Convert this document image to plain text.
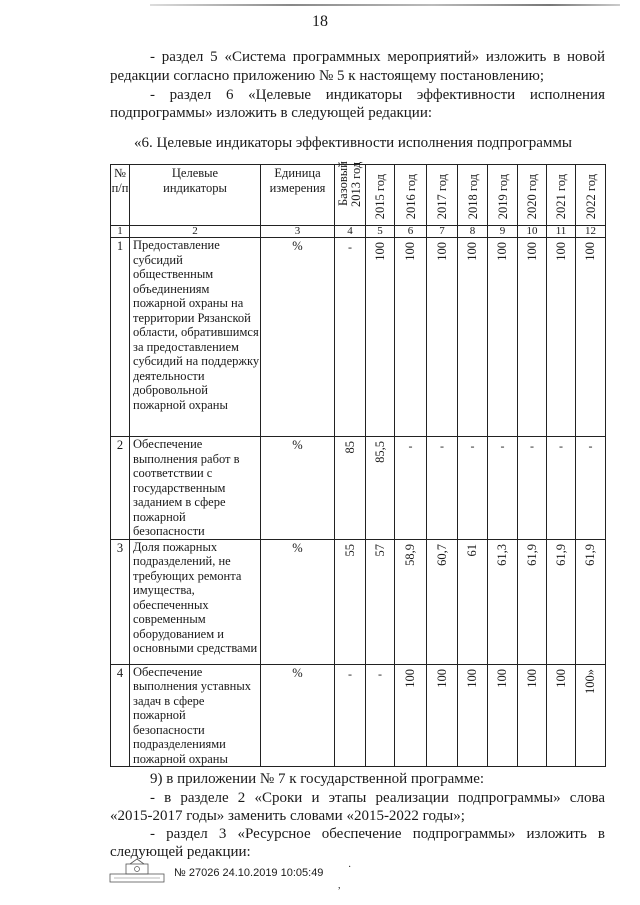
18
- раздел 5 «Система программных мероприятий» изложить в новой
редакции согласно приложению № 5 к настоящему постановлению;
- раздел 6 «Целевые индикаторы эффективности исполнения
подпрограммы» изложить в следующей редакции:
«6. Целевые индикаторы эффективности исполнения подпрограммы
№ п/п	Целевые индикаторы	Единица измерения	Базовый 2013 год	2015 год	2016 год	2017 год	2018 год	2019 год	2020 год	2021 год	2022 год

1	2	3	4	5	6	7	8	9	10	11	12
1	Предоставление субсидий общественным объединениям пожарной охраны на территории Рязанской области, обратившимся за предоставлением субсидий на поддержку деятельности добровольной пожарной охраны	%	-	100	100	100	100	100	100	100	100

2	Обеспечение выполнения работ в соответствии с государственным заданием в сфере пожарной безопасности	%	85	85,5	-	-	-	-	-	-	-

3	Доля пожарных подразделений, не требующих ремонта имущества, обеспеченных современным оборудованием и основными средствами	%	55	57	58,9	60,7	61	61,3	61,9	61,9	61,9

4	Обеспечение выполнения уставных задач в сфере пожарной безопасности подразделениями пожарной охраны	%	-	-	100	100	100	100	100	100	100»
9) в приложении № 7 к государственной программе:
- в разделе 2 «Сроки и этапы реализации подпрограммы» слова
«2015-2017 годы» заменить словами «2015-2022 годы»;
- раздел 3 «Ресурсное обеспечение подпрограммы» изложить в
следующей редакции:
№ 27026 24.10.2019 10:05:49 ·
,
